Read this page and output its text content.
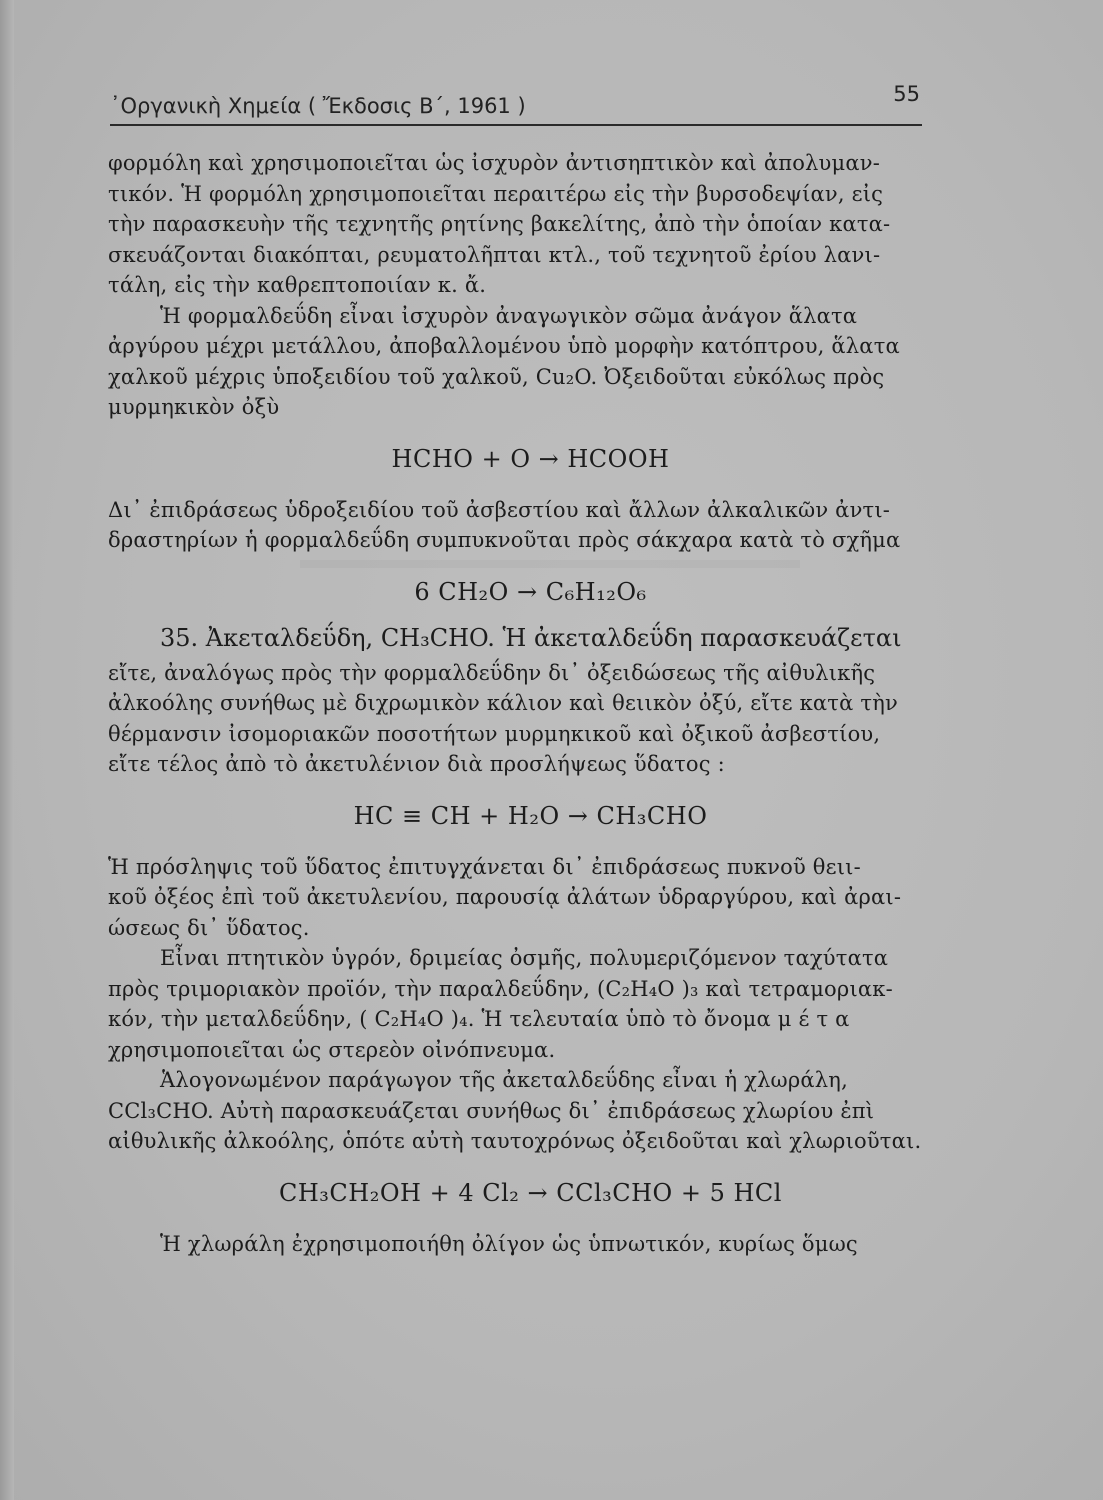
᾽Οργανικὴ Χημεία ( Ἔκδοσις Β΄, 1961 )	55
φορμόλη καὶ χρησιμοποιεῖται ὡς ἰσχυρὸν ἀντισηπτικὸν καὶ ἀπολυμαν-
τικόν. Ἡ φορμόλη χρησιμοποιεῖται περαιτέρω εἰς τὴν βυρσοδεψίαν, εἰς
τὴν παρασκευὴν τῆς τεχνητῆς ρητίνης βακελίτης, ἀπὸ τὴν ὁποίαν κατα-
σκευάζονται διακόπται, ρευματολῆπται κτλ., τοῦ τεχνητοῦ ἐρίου λανι-
τάλη, εἰς τὴν καθρεπτοποιίαν κ. ἄ.
Ἡ φορμαλδεΰδη εἶναι ἰσχυρὸν ἀναγωγικὸν σῶμα ἀνάγον ἅλατα
ἀργύρου μέχρι μετάλλου, ἀποβαλλομένου ὑπὸ μορφὴν κατόπτρου, ἅλατα
χαλκοῦ μέχρις ὑποξειδίου τοῦ χαλκοῦ, Cu₂O. Ὀξειδοῦται εὐκόλως πρὸς
μυρμηκικὸν ὀξὺ
HCHO + O → HCOOH
Δι᾽ ἐπιδράσεως ὑδροξειδίου τοῦ ἀσβεστίου καὶ ἄλλων ἀλκαλικῶν ἀντι-
δραστηρίων ἡ φορμαλδεΰδη συμπυκνοῦται πρὸς σάκχαρα κατὰ τὸ σχῆμα
6 CH₂O → C₆H₁₂O₆
35. Ἀκεταλδεΰδη, CH₃CHO. Ἡ ἀκεταλδεΰδη παρασκευάζεται
εἴτε, ἀναλόγως πρὸς τὴν φορμαλδεΰδην δι᾽ ὀξειδώσεως τῆς αἰθυλικῆς
ἀλκοόλης συνήθως μὲ διχρωμικὸν κάλιον καὶ θειικὸν ὀξύ, εἴτε κατὰ τὴν
θέρμανσιν ἰσομοριακῶν ποσοτήτων μυρμηκικοῦ καὶ ὀξικοῦ ἀσβεστίου,
εἴτε τέλος ἀπὸ τὸ ἀκετυλένιον διὰ προσλήψεως ὕδατος :
HC ≡ CH + H₂O → CH₃CHO
Ἡ πρόσληψις τοῦ ὕδατος ἐπιτυγχάνεται δι᾽ ἐπιδράσεως πυκνοῦ θειι-
κοῦ ὀξέος ἐπὶ τοῦ ἀκετυλενίου, παρουσίᾳ ἀλάτων ὑδραργύρου, καὶ ἀραι-
ώσεως δι᾽ ὕδατος.
Εἶναι πτητικὸν ὑγρόν, δριμείας ὀσμῆς, πολυμεριζόμενον ταχύτατα
πρὸς τριμοριακὸν προϊόν, τὴν παραλδεΰδην, (C₂H₄O )₃ καὶ τετραμοριακ-
κόν, τὴν μεταλδεΰδην, ( C₂H₄O )₄. Ἡ τελευταία ὑπὸ τὸ ὄνομα μ έ τ α
χρησιμοποιεῖται ὡς στερεὸν οἰνόπνευμα.
Ἁλογονωμένον παράγωγον τῆς ἀκεταλδεΰδης εἶναι ἡ χλωράλη,
CCl₃CHO. Αὐτὴ παρασκευάζεται συνήθως δι᾽ ἐπιδράσεως χλωρίου ἐπὶ
αἰθυλικῆς ἀλκοόλης, ὁπότε αὐτὴ ταυτοχρόνως ὀξειδοῦται καὶ χλωριοῦται.
CH₃CH₂OH + 4 Cl₂ → CCl₃CHO + 5 HCl
Ἡ χλωράλη ἐχρησιμοποιήθη ὀλίγον ὡς ὑπνωτικόν, κυρίως ὅμως
